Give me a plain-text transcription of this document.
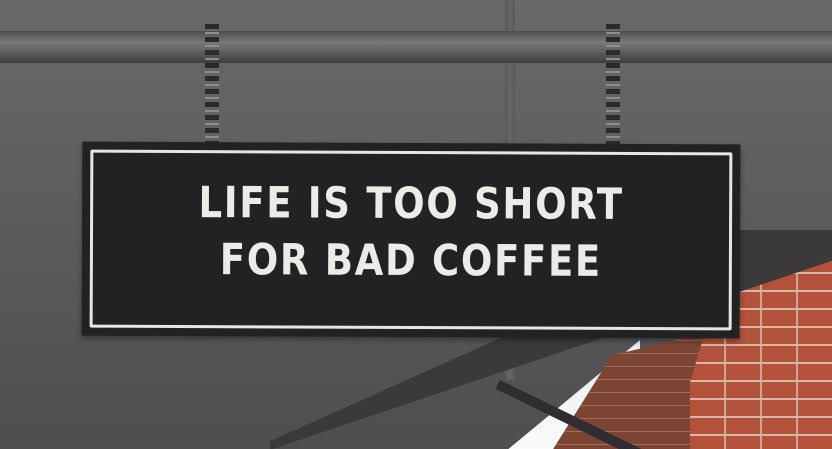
LIFE IS TOO SHORT
FOR BAD COFFEE
